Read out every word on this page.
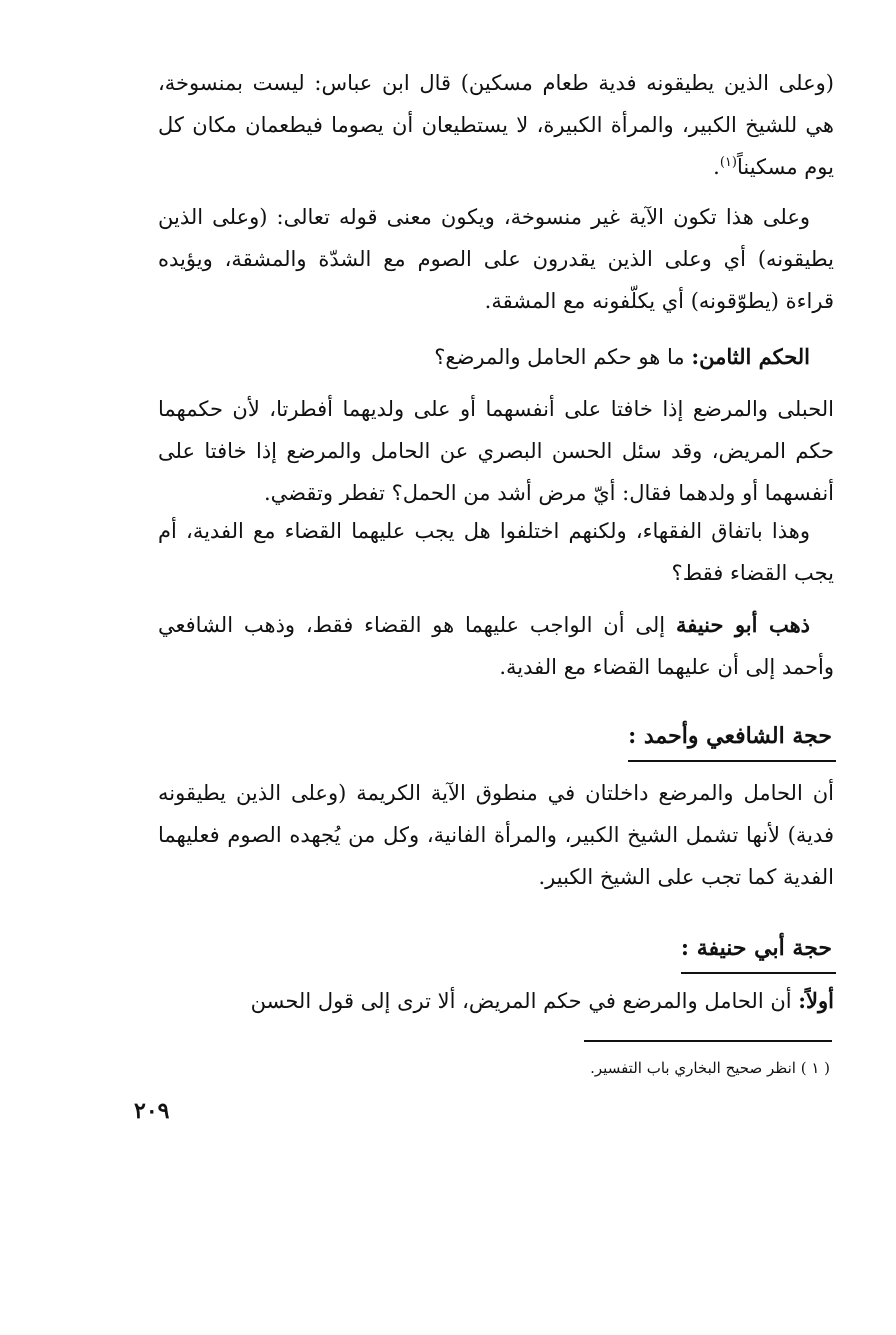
(وعلى الذين يطيقونه فدية طعام مسكين) قال ابن عباس: ليست بمنسوخة، هي للشيخ الكبير، والمرأة الكبيرة، لا يستطيعان أن يصوما فيطعمان مكان كل يوم مسكيناً$^{(١)}$.

وعلى هذا تكون الآية غير منسوخة، ويكون معنى قوله تعالى: (وعلى الذين يطيقونه) أي وعلى الذين يقدرون على الصوم مع الشدّة والمشقة، ويؤيده قراءة (يطوّقونه) أي يكلّفونه مع المشقة.

الحكم الثامن: ما هو حكم الحامل والمرضع؟

الحبلى والمرضع إذا خافتا على أنفسهما أو على ولديهما أفطرتا، لأن حكمهما حكم المريض، وقد سئل الحسن البصري عن الحامل والمرضع إذا خافتا على أنفسهما أو ولدهما فقال: أيّ مرض أشد من الحمل؟ تفطر وتقضي.

وهذا باتفاق الفقهاء، ولكنهم اختلفوا هل يجب عليهما القضاء مع الفدية، أم يجب القضاء فقط؟

ذهب أبو حنيفة إلى أن الواجب عليهما هو القضاء فقط، وذهب الشافعي وأحمد إلى أن عليهما القضاء مع الفدية.

حجة الشافعي وأحمد :

أن الحامل والمرضع داخلتان في منطوق الآية الكريمة (وعلى الذين يطيقونه فدية) لأنها تشمل الشيخ الكبير، والمرأة الفانية، وكل من يُجهده الصوم فعليهما الفدية كما تجب على الشيخ الكبير.

حجة أبي حنيفة :

أولاً: أن الحامل والمرضع في حكم المريض، ألا ترى إلى قول الحسن

( ١ ) انظر صحيح البخاري باب التفسير.
٢٠٩
